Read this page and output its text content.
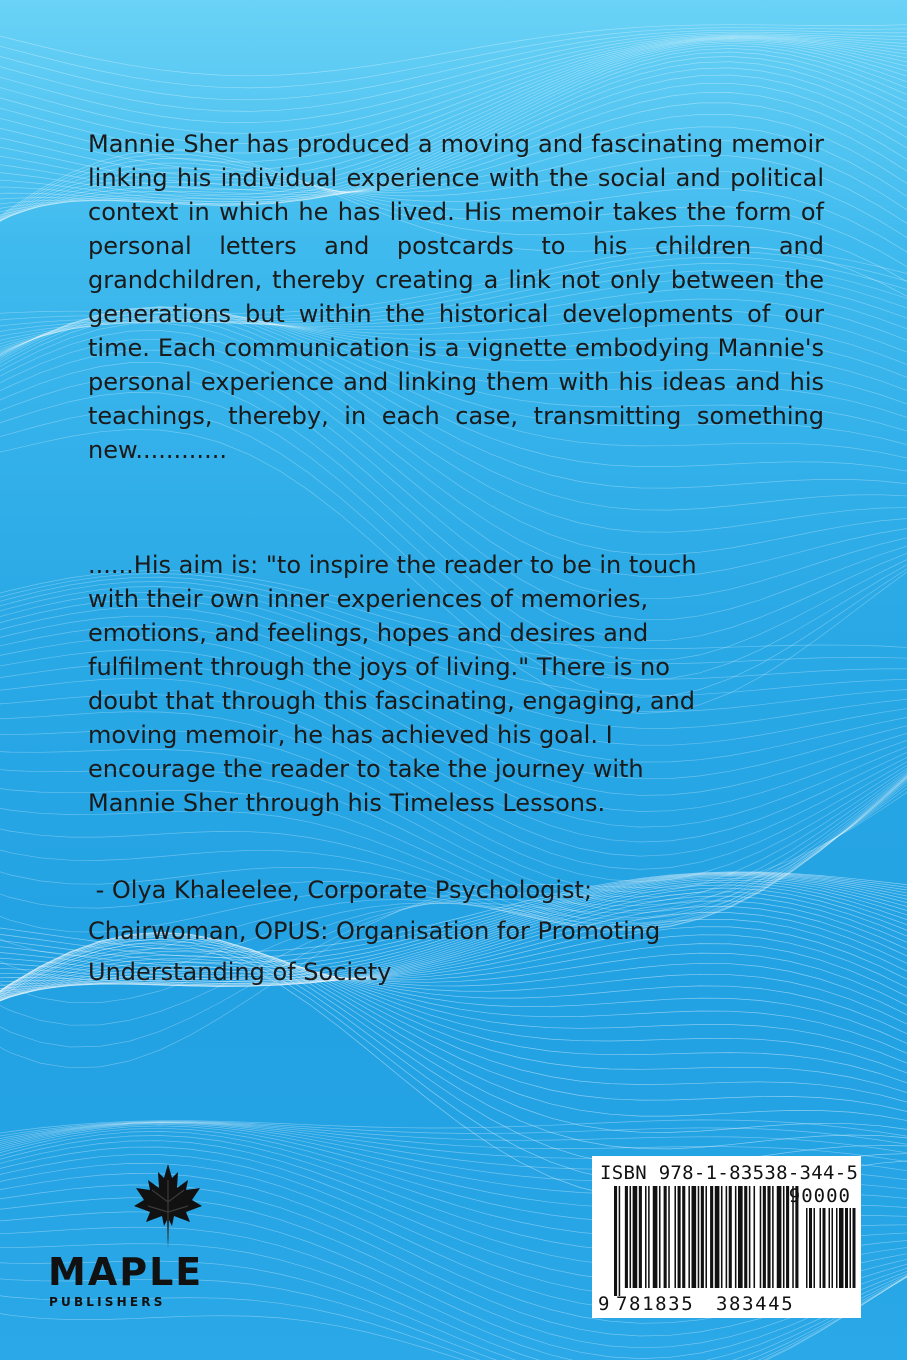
Mannie Sher has produced a moving and fascinating memoir linking his individual experience with the social and political context in which he has lived. His memoir takes the form of personal letters and postcards to his children and grandchildren, thereby creating a link not only between the generations but within the historical developments of our time. Each communication is a vignette embodying Mannie's personal experience and linking them with his ideas and his teachings, thereby, in each case, transmitting something new............

......His aim is: "to inspire the reader to be in touch
with their own inner experiences of memories,
emotions, and feelings, hopes and desires and
fulfilment through the joys of living." There is no
doubt that through this fascinating, engaging, and
moving memoir, he has achieved his goal. I
encourage the reader to take the journey with
Mannie Sher through his Timeless Lessons.
- Olya Khaleelee, Corporate Psychologist;
Chairwoman, OPUS: Organisation for Promoting
Understanding of Society
MAPLE
PUBLISHERS
ISBN 978-1-83538-344-5
90000
9 781835 383445
